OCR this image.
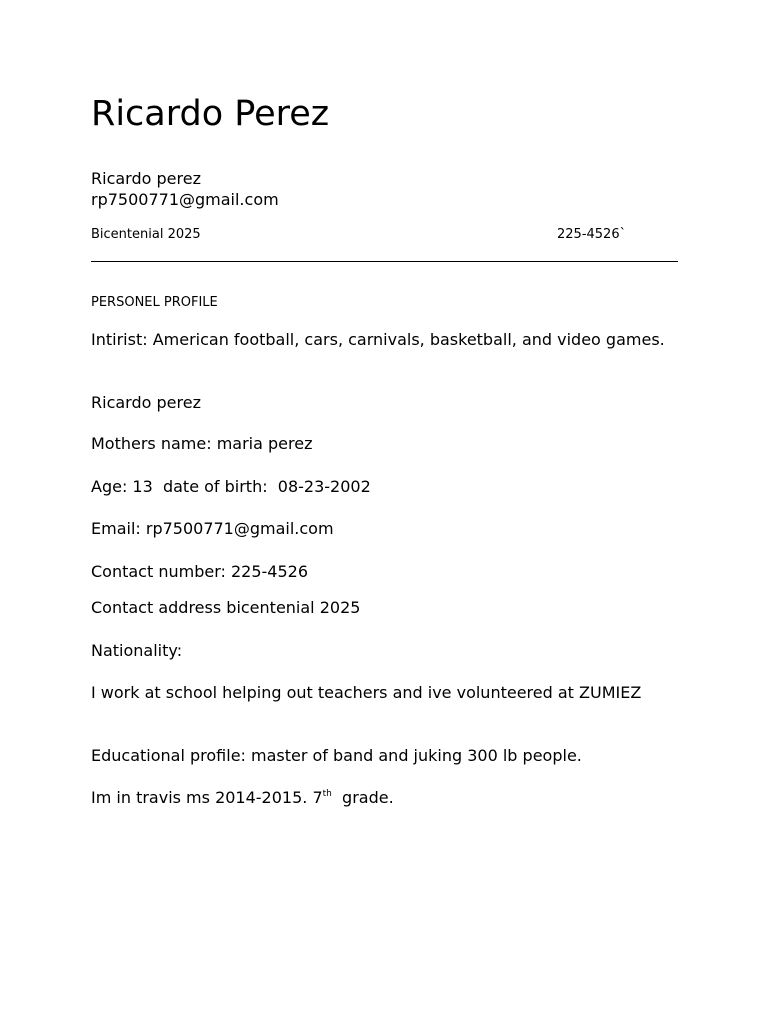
Ricardo Perez
Ricardo perez
rp7500771@gmail.com
Bicentenial 2025	225-4526`
PERSONEL PROFILE
Intirist: American football, cars, carnivals, basketball, and video games.
Ricardo perez
Mothers name: maria perez
Age: 13  date of birth:  08-23-2002
Email: rp7500771@gmail.com
Contact number: 225-4526
Contact address bicentenial 2025
Nationality:
I work at school helping out teachers and ive volunteered at ZUMIEZ
Educational profile: master of band and juking 300 lb people.
Im in travis ms 2014-2015. 7th  grade.
